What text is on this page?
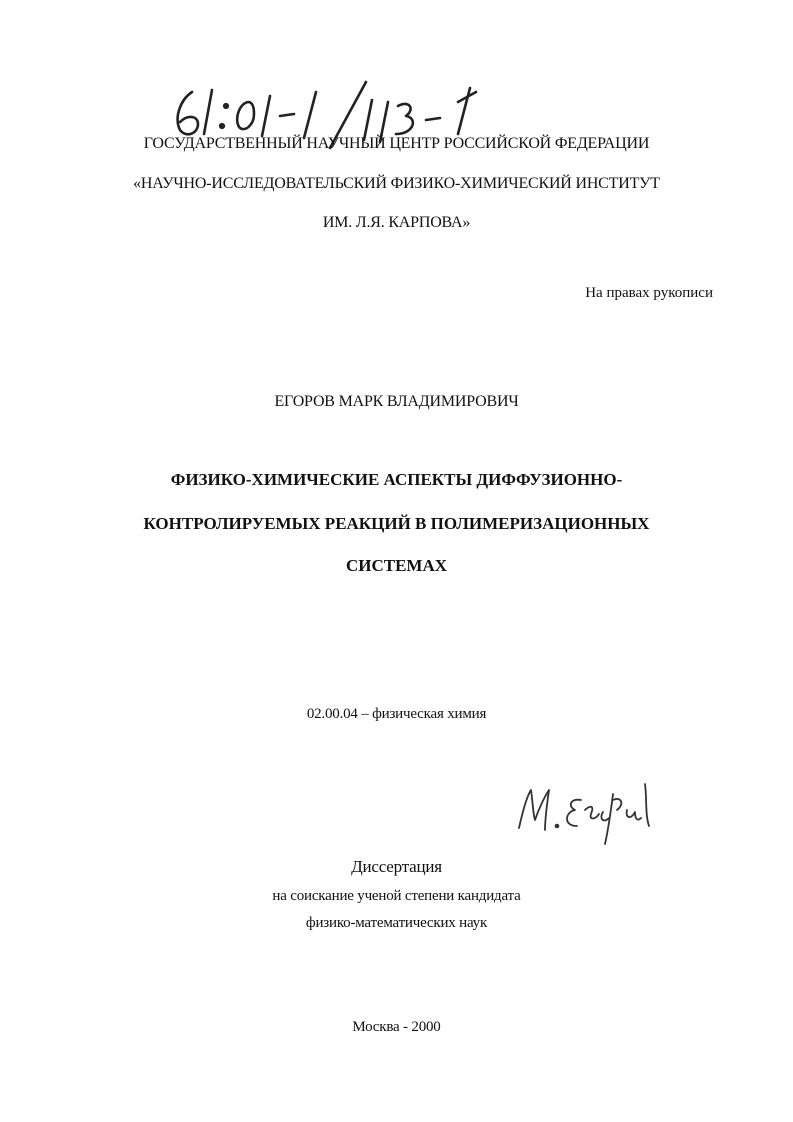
ГОСУДАРСТВЕННЫЙ НАУЧНЫЙ ЦЕНТР РОССИЙСКОЙ ФЕДЕРАЦИИ
«НАУЧНО-ИССЛЕДОВАТЕЛЬСКИЙ ФИЗИКО-ХИМИЧЕСКИЙ ИНСТИТУТ
ИМ. Л.Я. КАРПОВА»
На правах рукописи
ЕГОРОВ МАРК ВЛАДИМИРОВИЧ
ФИЗИКО-ХИМИЧЕСКИЕ АСПЕКТЫ ДИФФУЗИОННО-
КОНТРОЛИРУЕМЫХ РЕАКЦИЙ В ПОЛИМЕРИЗАЦИОННЫХ
СИСТЕМАХ
02.00.04 – физическая химия
Диссертация
на соискание ученой степени кандидата
физико-математических наук
Москва - 2000
